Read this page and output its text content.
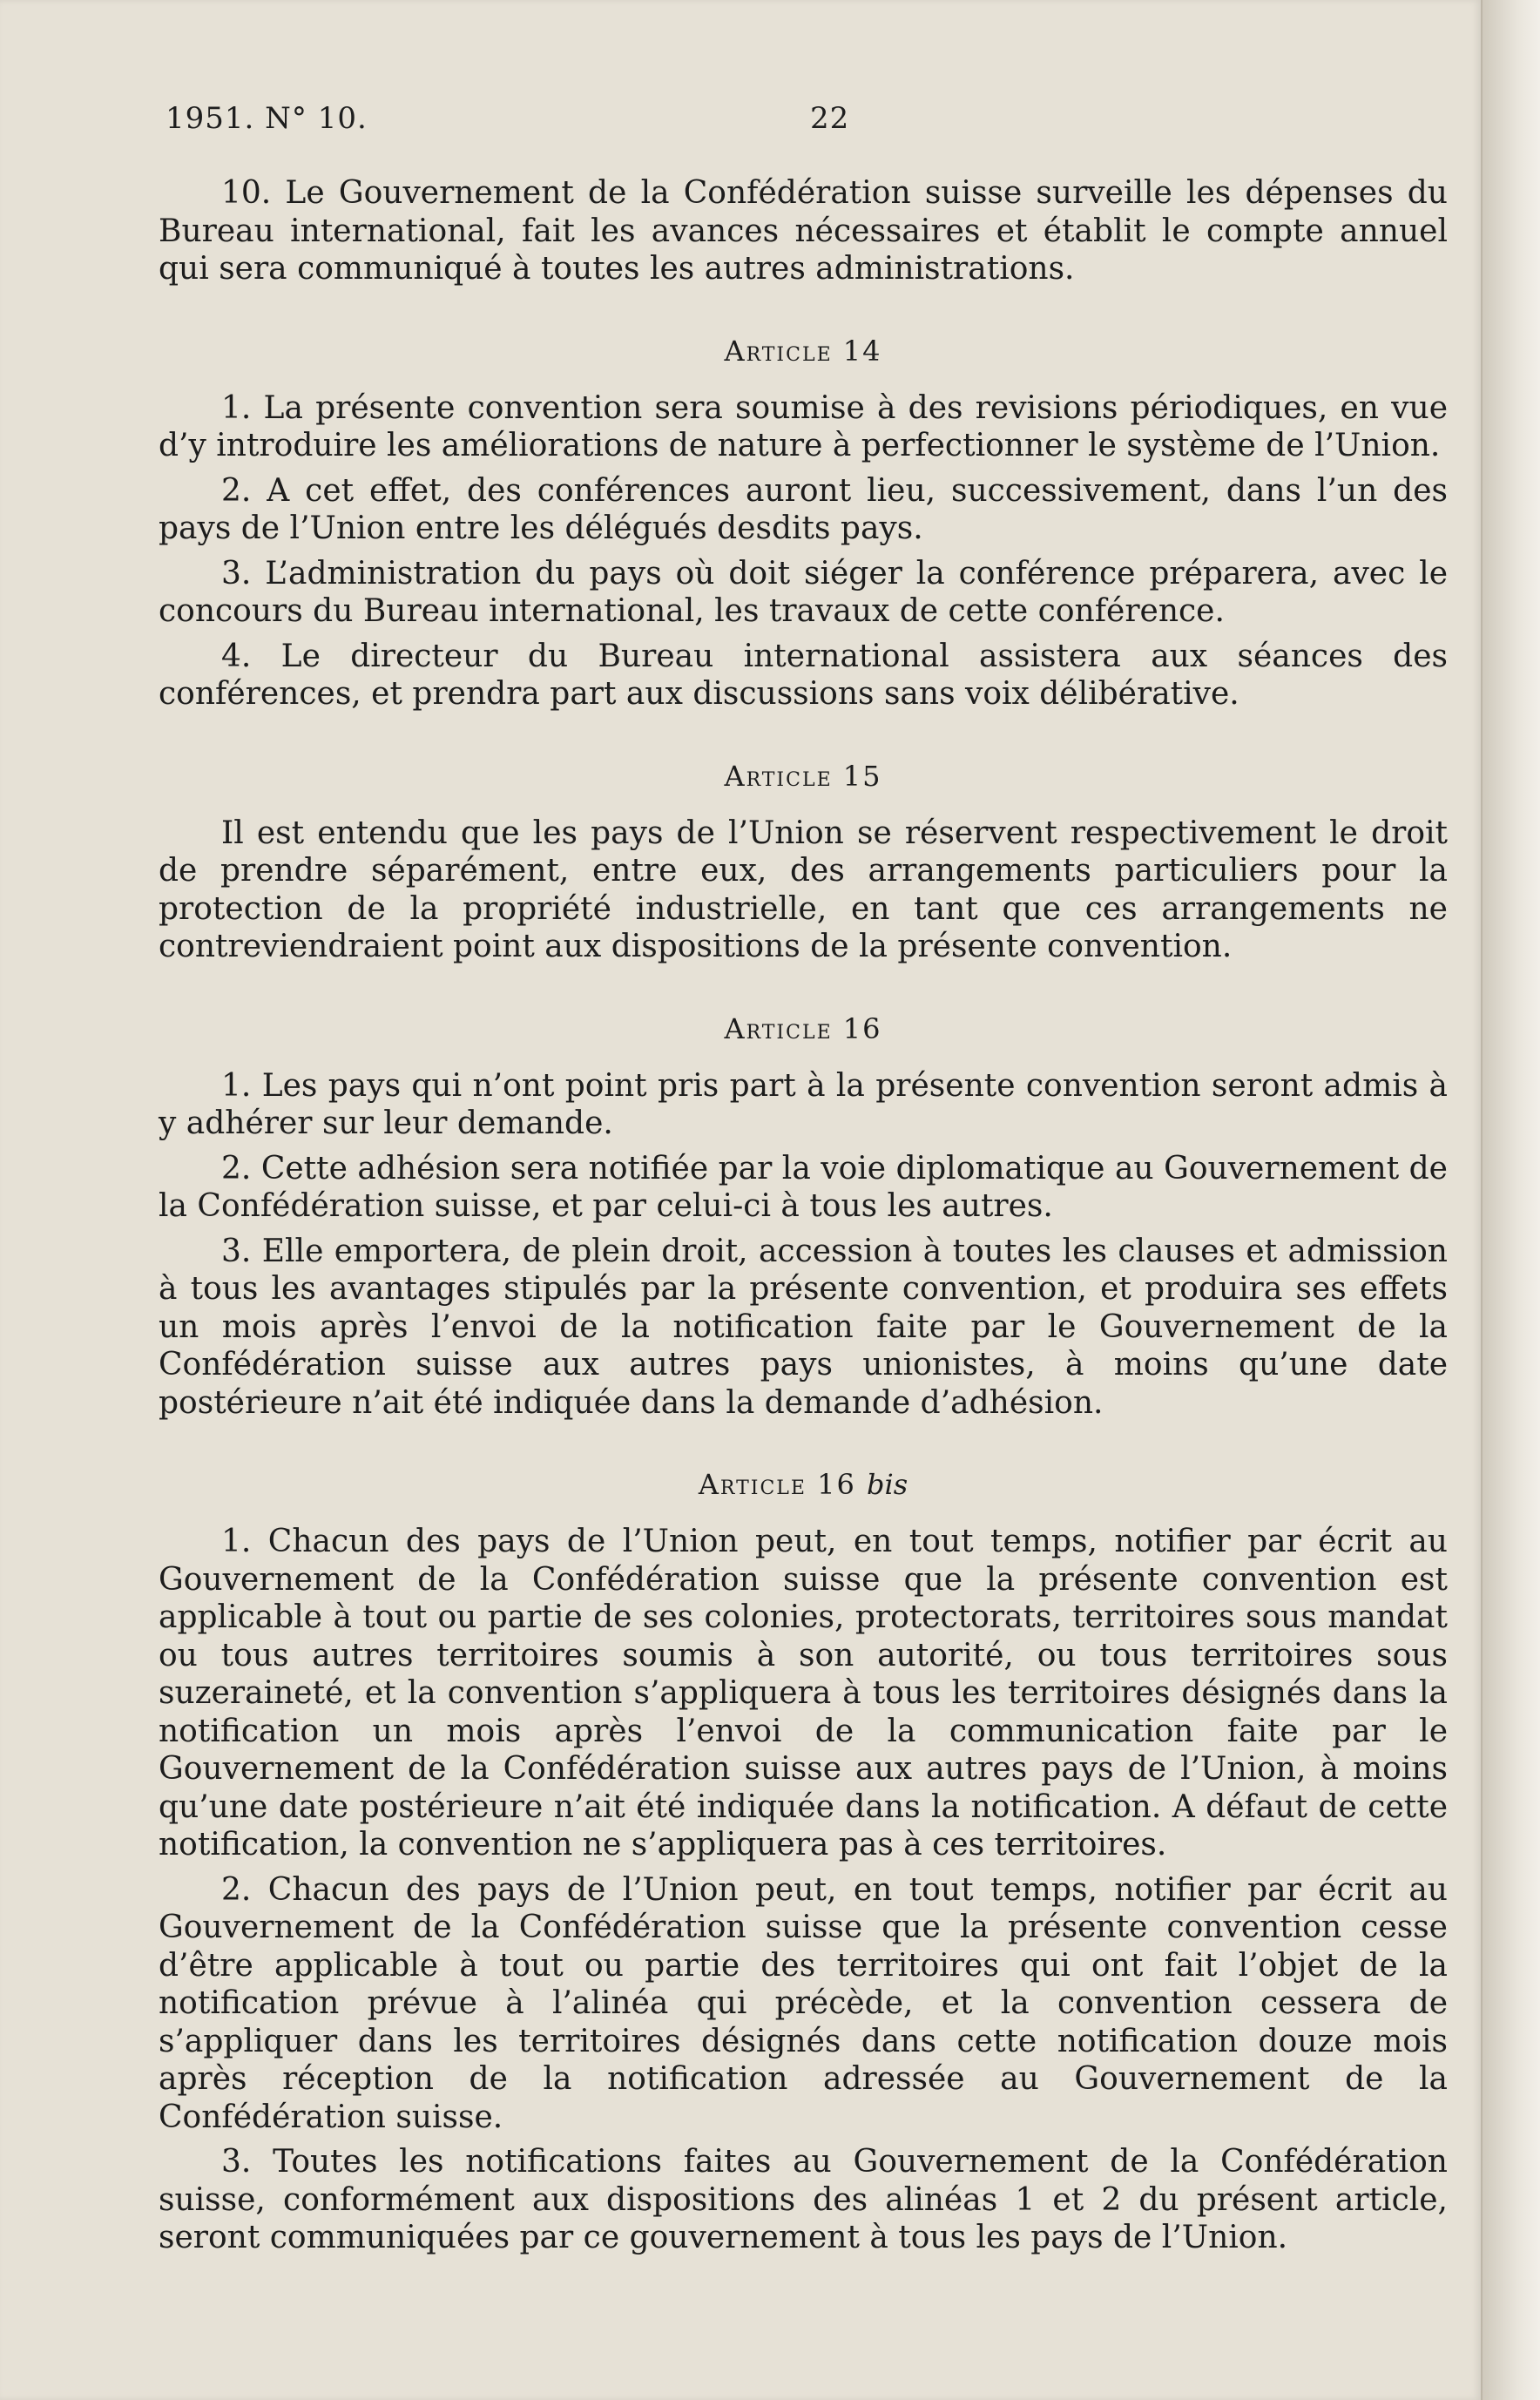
1951. N° 10.	22

10. Le Gouvernement de la Confédération suisse surveille les dépenses du Bureau international, fait les avances nécessaires et établit le compte annuel qui sera communiqué à toutes les autres administrations.

Article 14

1. La présente convention sera soumise à des revisions périodiques, en vue d’y introduire les améliorations de nature à perfectionner le système de l’Union.

2. A cet effet, des conférences auront lieu, successivement, dans l’un des pays de l’Union entre les délégués desdits pays.

3. L’administration du pays où doit siéger la conférence préparera, avec le concours du Bureau international, les travaux de cette conférence.

4. Le directeur du Bureau international assistera aux séances des conférences, et prendra part aux discussions sans voix délibérative.

Article 15

Il est entendu que les pays de l’Union se réservent respectivement le droit de prendre séparément, entre eux, des arrangements particuliers pour la protection de la propriété industrielle, en tant que ces arrangements ne contreviendraient point aux dispositions de la présente convention.

Article 16

1. Les pays qui n’ont point pris part à la présente convention seront admis à y adhérer sur leur demande.

2. Cette adhésion sera notifiée par la voie diplomatique au Gouvernement de la Confédération suisse, et par celui-ci à tous les autres.

3. Elle emportera, de plein droit, accession à toutes les clauses et admission à tous les avantages stipulés par la présente convention, et produira ses effets un mois après l’envoi de la notification faite par le Gouvernement de la Confédération suisse aux autres pays unionistes, à moins qu’une date postérieure n’ait été indiquée dans la demande d’adhésion.

Article 16 bis

1. Chacun des pays de l’Union peut, en tout temps, notifier par écrit au Gouvernement de la Confédération suisse que la présente convention est applicable à tout ou partie de ses colonies, protectorats, territoires sous mandat ou tous autres territoires soumis à son autorité, ou tous territoires sous suzeraineté, et la convention s’appliquera à tous les territoires désignés dans la notification un mois après l’envoi de la communication faite par le Gouvernement de la Confédération suisse aux autres pays de l’Union, à moins qu’une date postérieure n’ait été indiquée dans la notification. A défaut de cette notification, la convention ne s’appliquera pas à ces territoires.

2. Chacun des pays de l’Union peut, en tout temps, notifier par écrit au Gouvernement de la Confédération suisse que la présente convention cesse d’être applicable à tout ou partie des territoires qui ont fait l’objet de la notification prévue à l’alinéa qui précède, et la convention cessera de s’appliquer dans les territoires désignés dans cette notification douze mois après réception de la notification adressée au Gouvernement de la Confédération suisse.

3. Toutes les notifications faites au Gouvernement de la Confédération suisse, conformément aux dispositions des alinéas 1 et 2 du présent article, seront communiquées par ce gouvernement à tous les pays de l’Union.
